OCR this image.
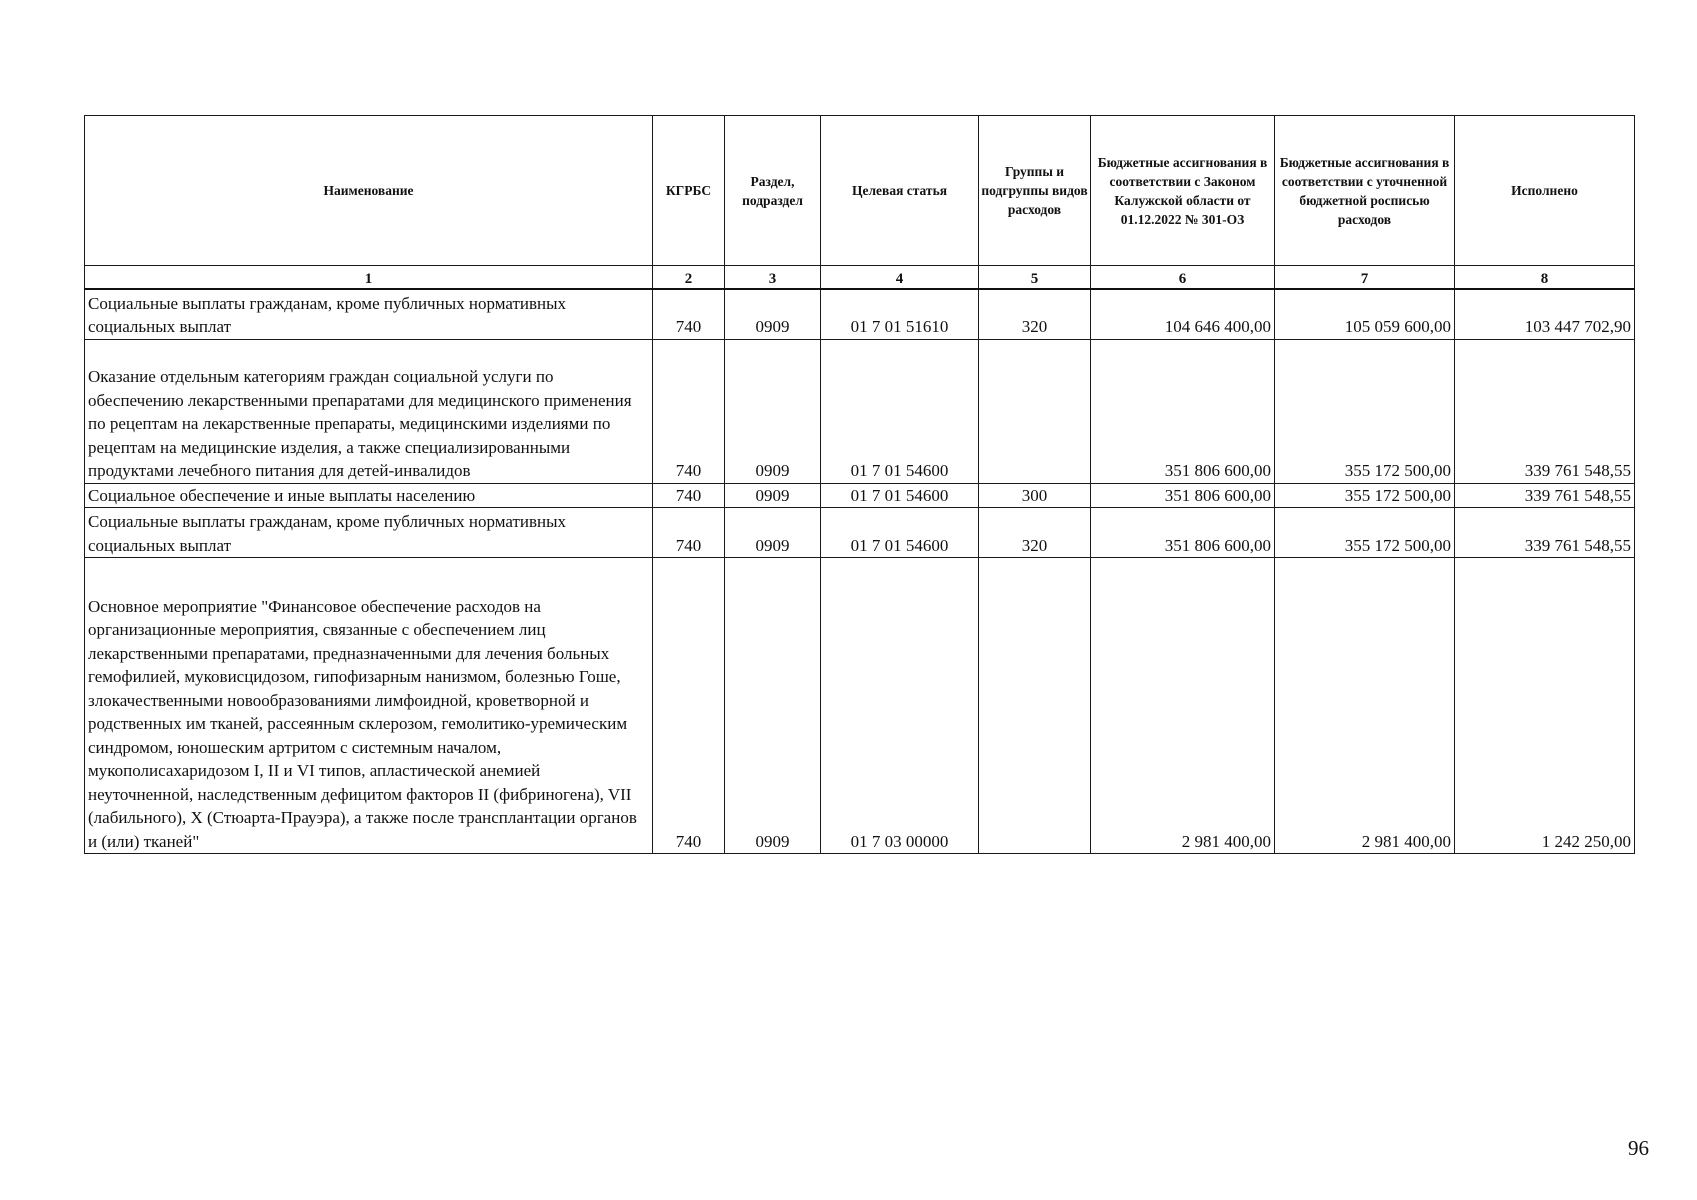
Наименование	КГРБС	Раздел, подраздел	Целевая статья	Группы и подгруппы видов расходов	Бюджетные ассигнования в соответствии с Законом Калужской области от 01.12.2022 № 301-ОЗ	Бюджетные ассигнования в соответствии с уточненной бюджетной росписью расходов	Исполнено
1	2	3	4	5	6	7	8
Социальные выплаты гражданам, кроме публичных нормативных социальных выплат	740	0909	01 7 01 51610	320	104 646 400,00	105 059 600,00	103 447 702,90
Оказание отдельным категориям граждан социальной услуги по обеспечению лекарственными препаратами для медицинского применения по рецептам на лекарственные препараты, медицинскими изделиями по рецептам на медицинские изделия, а также специализированными продуктами лечебного питания для детей-инвалидов	740	0909	01 7 01 54600		351 806 600,00	355 172 500,00	339 761 548,55
Социальное обеспечение и иные выплаты населению	740	0909	01 7 01 54600	300	351 806 600,00	355 172 500,00	339 761 548,55
Социальные выплаты гражданам, кроме публичных нормативных социальных выплат	740	0909	01 7 01 54600	320	351 806 600,00	355 172 500,00	339 761 548,55
Основное мероприятие "Финансовое обеспечение расходов на организационные мероприятия, связанные с обеспечением лиц лекарственными препаратами, предназначенными для лечения больных гемофилией, муковисцидозом, гипофизарным нанизмом, болезнью Гоше, злокачественными новообразованиями лимфоидной, кроветворной и родственных им тканей, рассеянным склерозом, гемолитико-уремическим синдромом, юношеским артритом с системным началом, мукополисахаридозом I, II и VI типов, апластической анемией неуточненной, наследственным дефицитом факторов II (фибриногена), VII (лабильного), X (Стюарта-Прауэра), а также после трансплантации органов и (или) тканей"	740	0909	01 7 03 00000		2 981 400,00	2 981 400,00	1 242 250,00
96
